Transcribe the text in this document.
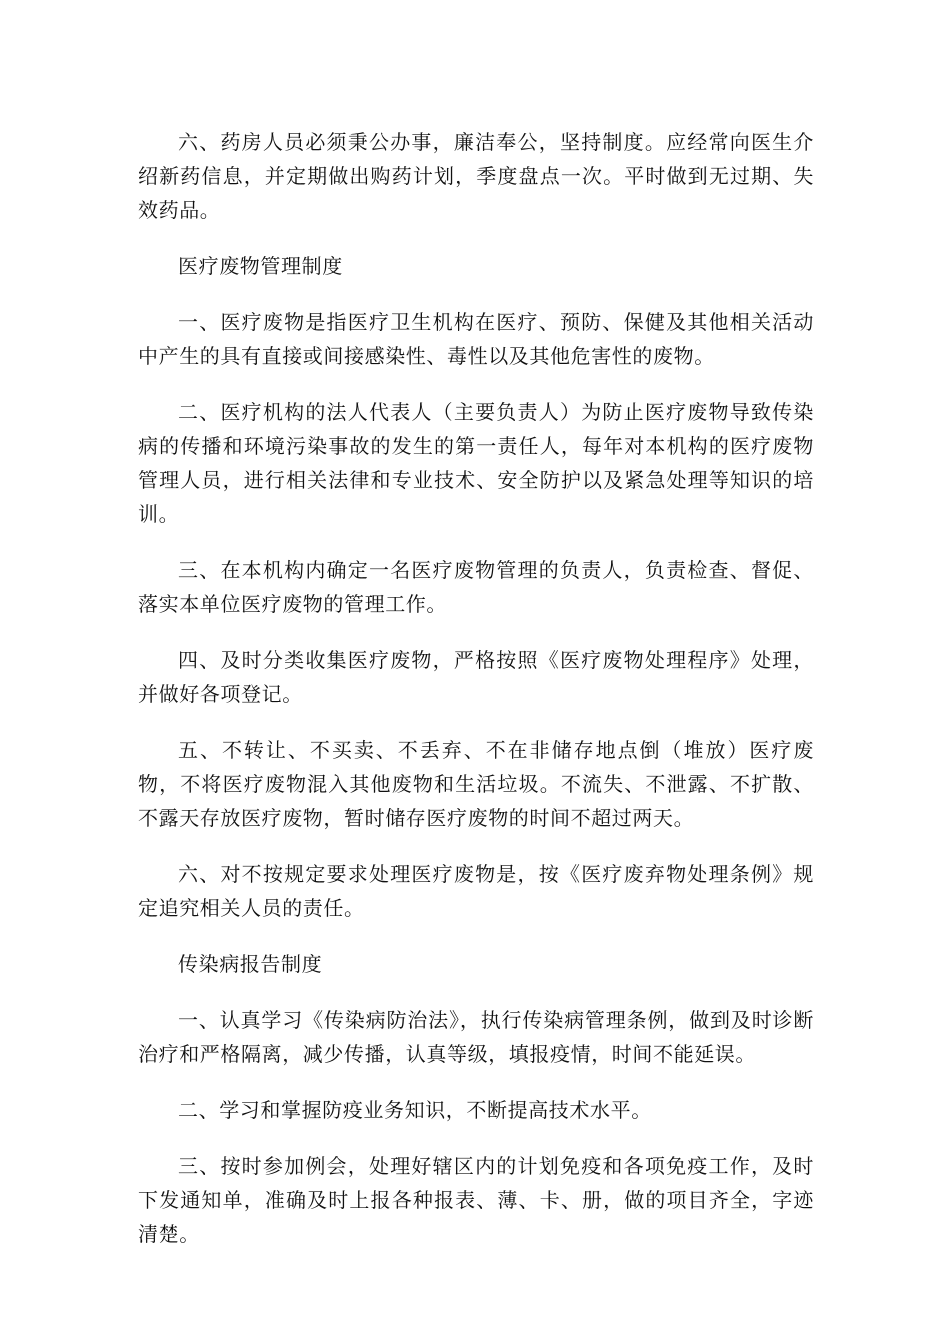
六、药房人员必须秉公办事，廉洁奉公，坚持制度。应经常向医生介绍新药信息，并定期做出购药计划，季度盘点一次。平时做到无过期、失效药品。

医疗废物管理制度

一、医疗废物是指医疗卫生机构在医疗、预防、保健及其他相关活动中产生的具有直接或间接感染性、毒性以及其他危害性的废物。

二、医疗机构的法人代表人（主要负责人）为防止医疗废物导致传染病的传播和环境污染事故的发生的第一责任人，每年对本机构的医疗废物管理人员，进行相关法律和专业技术、安全防护以及紧急处理等知识的培训。

三、在本机构内确定一名医疗废物管理的负责人，负责检查、督促、落实本单位医疗废物的管理工作。

四、及时分类收集医疗废物，严格按照《医疗废物处理程序》处理，并做好各项登记。

五、不转让、不买卖、不丢弃、不在非储存地点倒（堆放）医疗废物，不将医疗废物混入其他废物和生活垃圾。不流失、不泄露、不扩散、不露天存放医疗废物，暂时储存医疗废物的时间不超过两天。

六、对不按规定要求处理医疗废物是，按《医疗废弃物处理条例》规定追究相关人员的责任。

传染病报告制度

一、认真学习《传染病防治法》，执行传染病管理条例，做到及时诊断治疗和严格隔离，减少传播，认真等级，填报疫情，时间不能延误。

二、学习和掌握防疫业务知识，不断提高技术水平。

三、按时参加例会，处理好辖区内的计划免疫和各项免疫工作，及时下发通知单，准确及时上报各种报表、薄、卡、册，做的项目齐全，字迹清楚。
